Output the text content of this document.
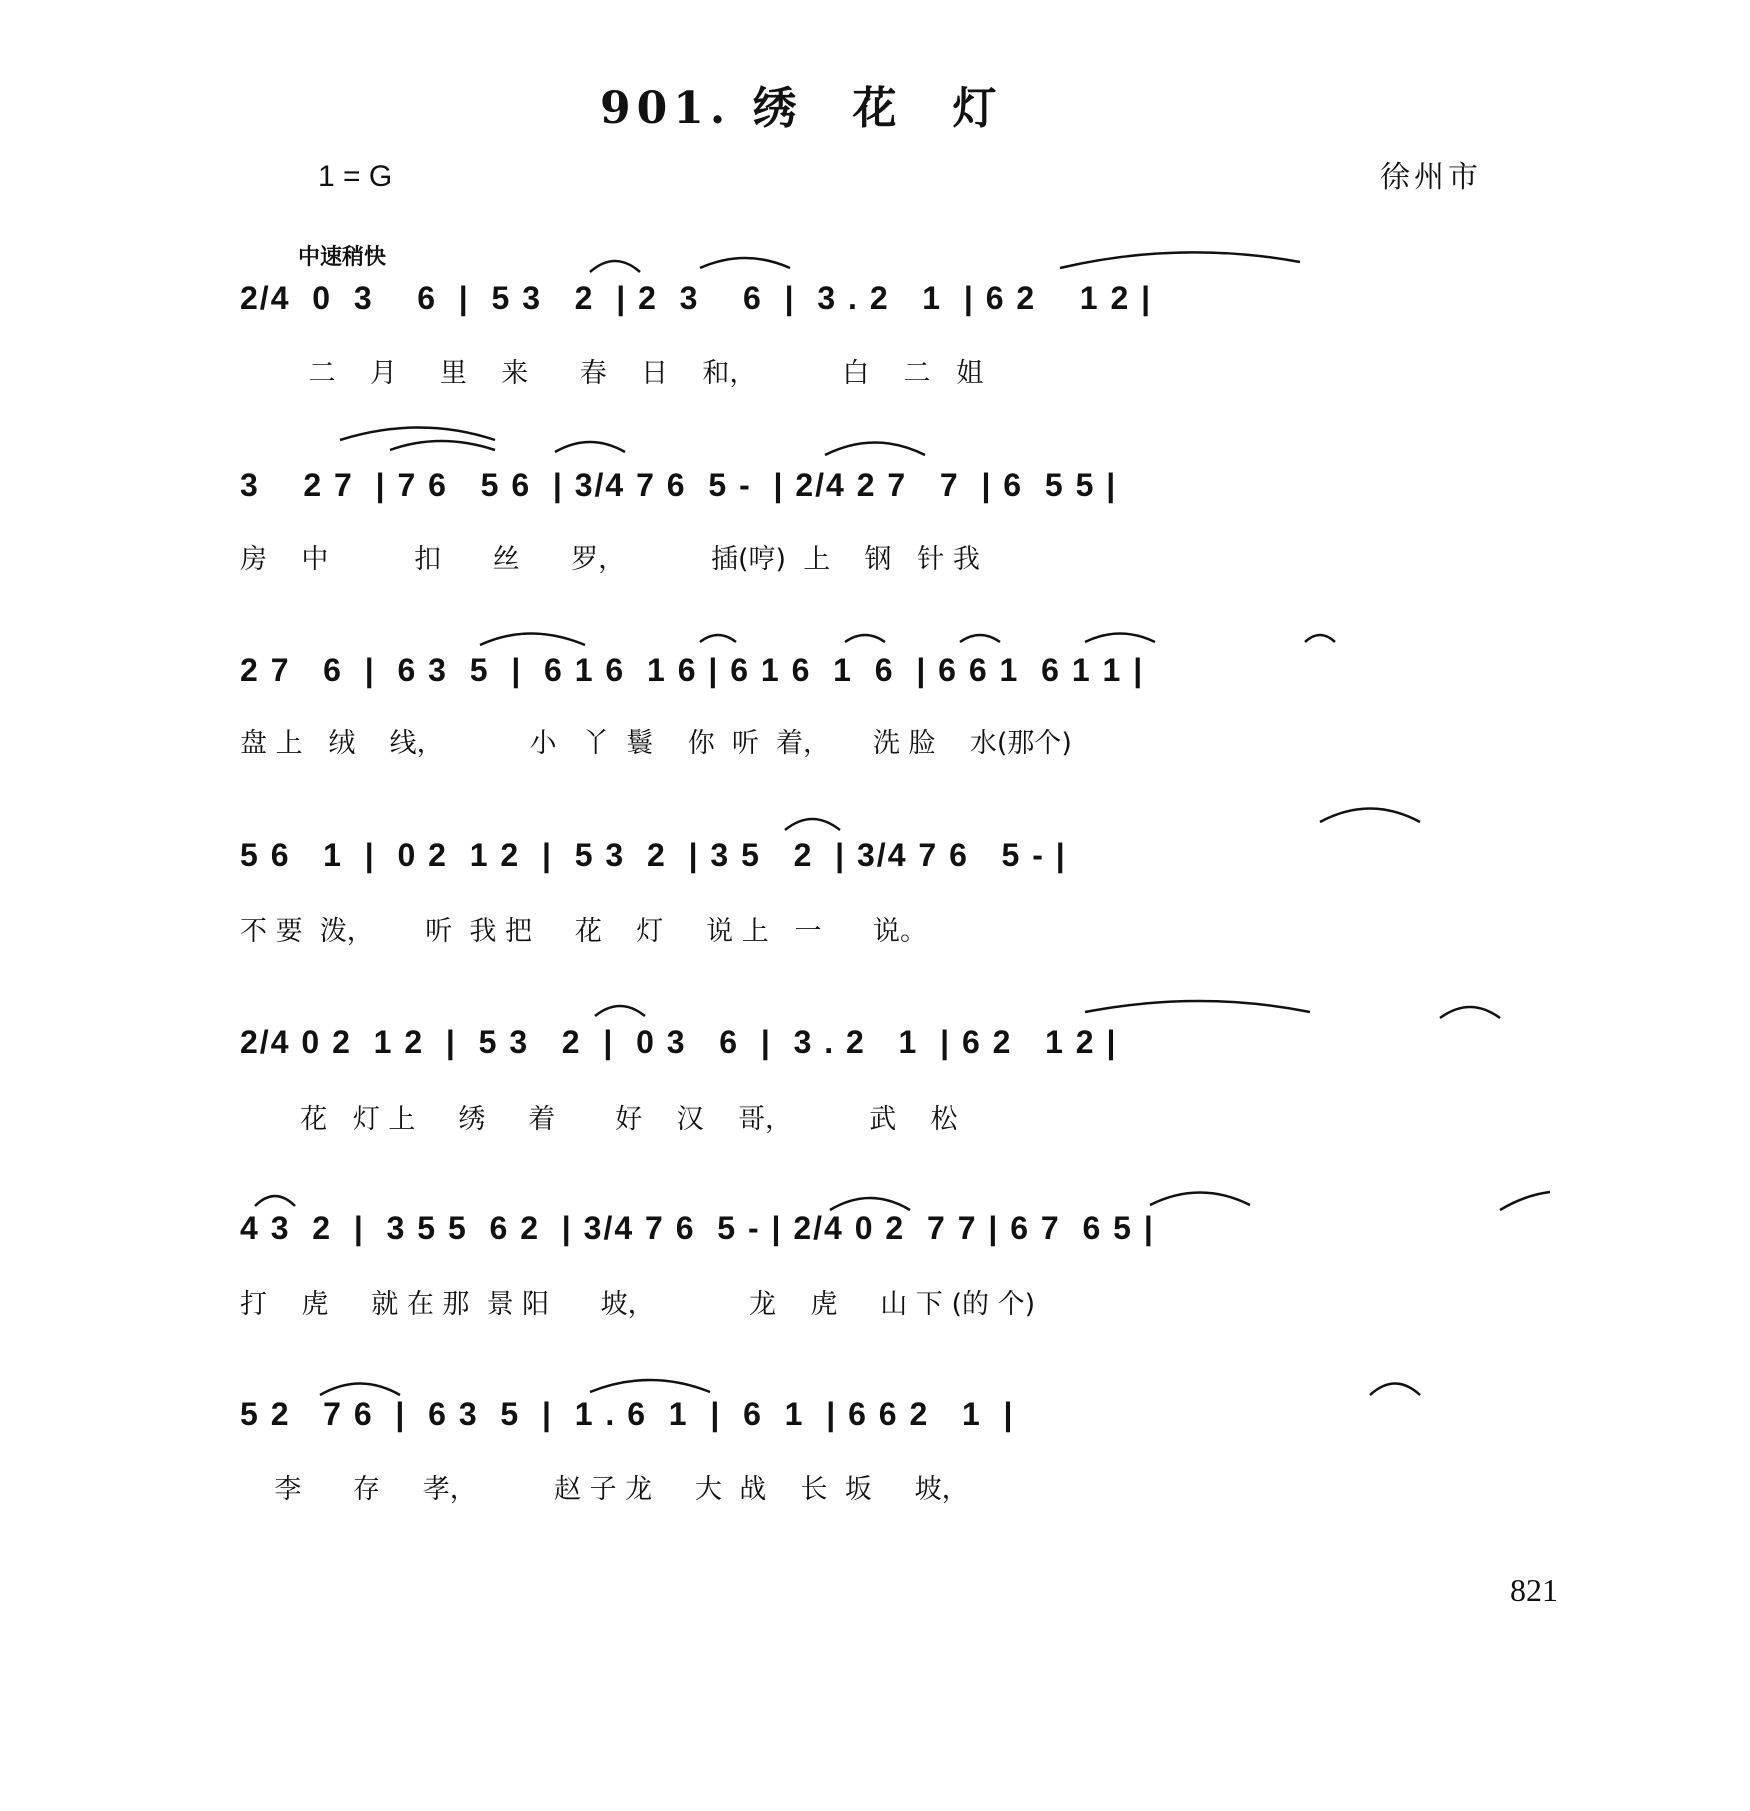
901. 绣　花　灯
1 = G	徐州市
中速稍快
2/4  0  3    6  |  5 3   2  | 2  3    6  |  3 . 2   1  | 6 2    1 2 |
二    月     里    来      春    日    和，          白    二   姐
3    2 7  | 7 6   5 6  | 3/4 7 6  5 -  | 2/4 2 7   7  | 6  5 5 |
房    中          扣      丝      罗，          插(哼)  上    钢   针 我
2 7   6  |  6 3  5  |  6 1 6  1 6 | 6 1 6  1  6  | 6 6 1  6 1 1 |
盘 上   绒    线，          小   丫  鬟    你  听  着，     洗 脸    水(那个)
5 6   1  |  0 2  1 2  |  5 3  2  | 3 5   2  | 3/4 7 6   5 - |
不 要  泼，      听  我 把     花    灯     说 上   一      说。
2/4 0 2  1 2  |  5 3   2  |  0 3   6  |  3 . 2   1  | 6 2   1 2 |
花   灯 上     绣     着       好    汉    哥，         武    松
4 3  2  |  3 5 5  6 2  | 3/4 7 6  5 - | 2/4 0 2  7 7 | 6 7  6 5 |
打    虎     就 在 那  景 阳      坡，           龙    虎     山 下 (的 个)
5 2   7 6  |  6 3  5  |  1 . 6  1  |  6  1  | 6 6 2   1  |
李      存     孝，         赵 子 龙     大  战    长  坂     坡，
821
